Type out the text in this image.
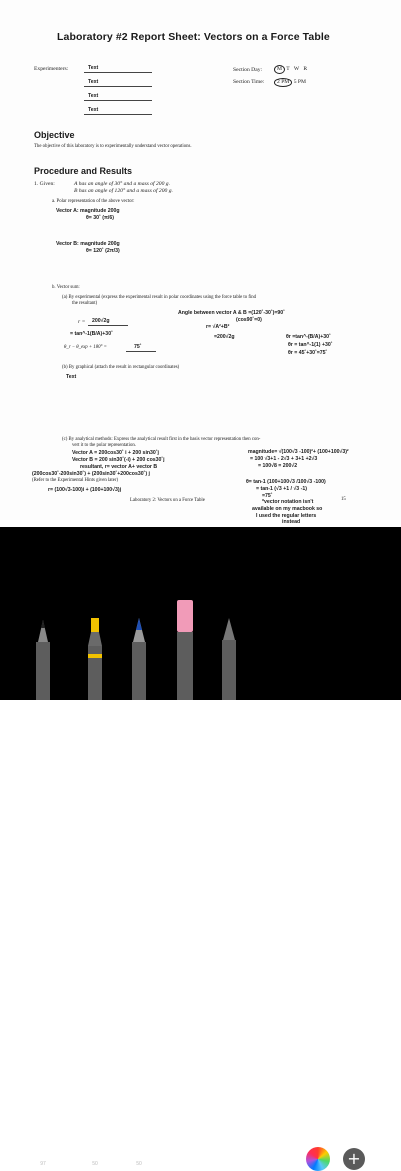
Laboratory #2 Report Sheet: Vectors on a Force Table
Experimenters:	Text
Text
Text
Text
Section Day:	M T W R
Section Time:	2 PM 5 PM
Objective
The objective of this laboratory is to experimentally understand vector operations.
Procedure and Results
1. Given:	A has an angle of 30° and a mass of 200 g.
B has an angle of 120° and a mass of 200 g.
a. Polar representation of the above vector:
Vector A: magnitude 200g
θ= 30˚ (π/6)
Vector B: magnitude 200g
θ= 120˚ (2π/3)
b. Vector sum:
(a) By experimental (express the experimental result in polar coordinates using the force table to find
the resultant)
r = 200√2g
= tan^-1(B/A)+30˚
θ_r − θ_exp + 180° =	75˚
Angle between vector A & B =(120˚-30˚)=90˚
(cos90˚=0)
r= √A²+B²
=200√2g	θr =tan^-(B/A)+30˚
θr = tan^-1(1) +30˚
θr = 45˚+30˚=75˚
(b) By graphical (attach the result in rectangular coordinates)
Text
(c) By analytical methods: Express the analytical result first in the basis vector representation then con-
vert it to the polar representation.
Vector A = 200cos30˚ i + 200 sin30˚j
Vector B = 200 sin30˚(-i) + 200 cos30˚j
resultant, r= vector A+ vector B
(200cos30˚-200sin30˚) + (200sin30˚+200cos30˚) j
(Refer to the Experimental Hints given later)
r= (100√3-100)i + (100+100√3)j
magnitude= √(100√3 -100)²+ (100+100√3)²
= 100 √3+1 - 2√3 + 3+1 +2√3
= 100√8 = 200√2
θ= tan-1 (100+100√3 /100√3 -100)
= tan-1 (√3 +1 / √3 -1)
=75˚
Laboratory 2: Vectors on a Force Table	15
*vector notation isn't
available on my macbook so
I used the regular letters
instead
97	50	50	+
